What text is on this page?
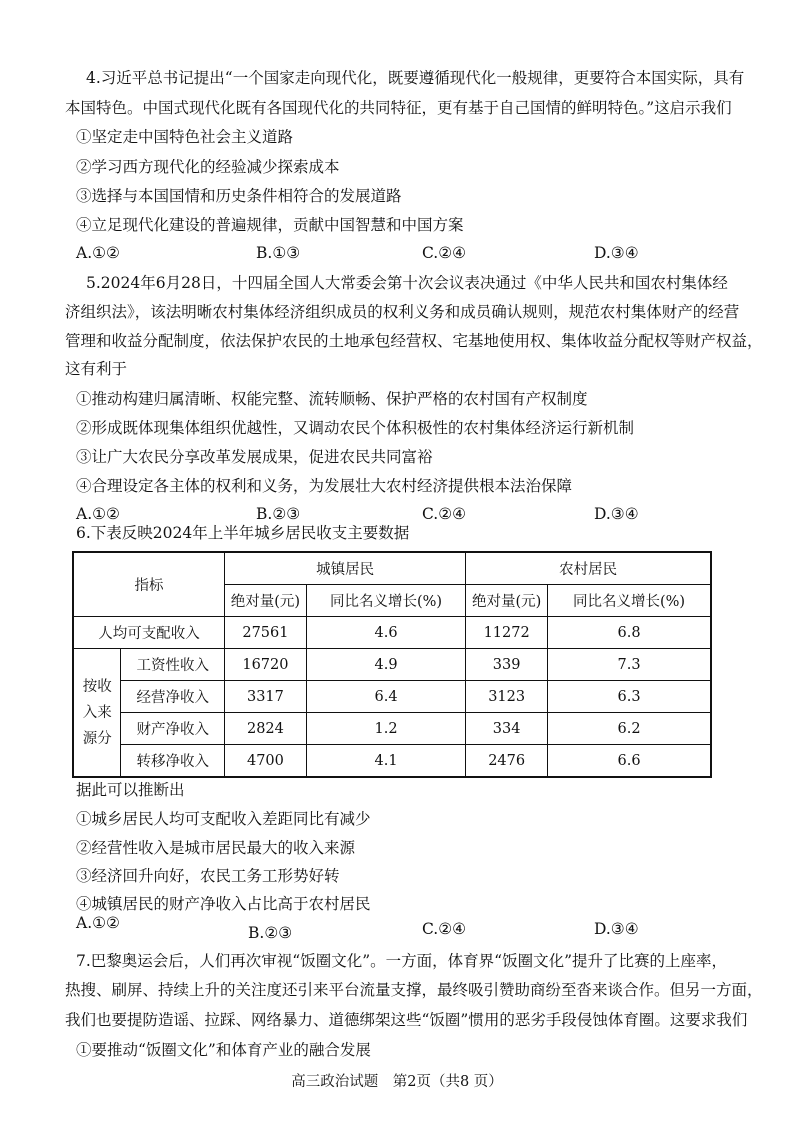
4.习近平总书记提出“一个国家走向现代化，既要遵循现代化一般规律，更要符合本国实际，具有
本国特色。中国式现代化既有各国现代化的共同特征，更有基于自己国情的鲜明特色。”这启示我们
①坚定走中国特色社会主义道路
②学习西方现代化的经验减少探索成本
③选择与本国国情和历史条件相符合的发展道路
④立足现代化建设的普遍规律，贡献中国智慧和中国方案
A.①②	B.①③	C.②④	D.③④
5.2024年6月28日，十四届全国人大常委会第十次会议表决通过《中华人民共和国农村集体经
济组织法》，该法明晰农村集体经济组织成员的权利义务和成员确认规则，规范农村集体财产的经营
管理和收益分配制度，依法保护农民的土地承包经营权、宅基地使用权、集体收益分配权等财产权益，
这有利于
①推动构建归属清晰、权能完整、流转顺畅、保护严格的农村国有产权制度
②形成既体现集体组织优越性，又调动农民个体积极性的农村集体经济运行新机制
③让广大农民分享改革发展成果，促进农民共同富裕
④合理设定各主体的权利和义务，为发展壮大农村经济提供根本法治保障
A.①②	B.②③	C.②④	D.③④
6.下表反映2024年上半年城乡居民收支主要数据
指标		城镇居民		农村居民	
		绝对量(元)	同比名义增长(%)	绝对量(元)	同比名义增长(%)
人均可支配收入		27561	4.6	11272	6.8

按收入来源分	工资性收入	16720	4.9	339	7.3
	经营净收入	3317	6.4	3123	6.3
	财产净收入	2824	1.2	334	6.2
	转移净收入	4700	4.1	2476	6.6
据此可以推断出
①城乡居民人均可支配收入差距同比有减少
②经营性收入是城市居民最大的收入来源
③经济回升向好，农民工务工形势好转
④城镇居民的财产净收入占比高于农村居民
A.①②
B.②③	C.②④	D.③④
7.巴黎奥运会后，人们再次审视“饭圈文化”。一方面，体育界“饭圈文化”提升了比赛的上座率，
热搜、刷屏、持续上升的关注度还引来平台流量支撑，最终吸引赞助商纷至沓来谈合作。但另一方面，
我们也要提防造谣、拉踩、网络暴力、道德绑架这些“饭圈”惯用的恶劣手段侵蚀体育圈。这要求我们
①要推动“饭圈文化”和体育产业的融合发展
高三政治试题　第2页（共8 页）
